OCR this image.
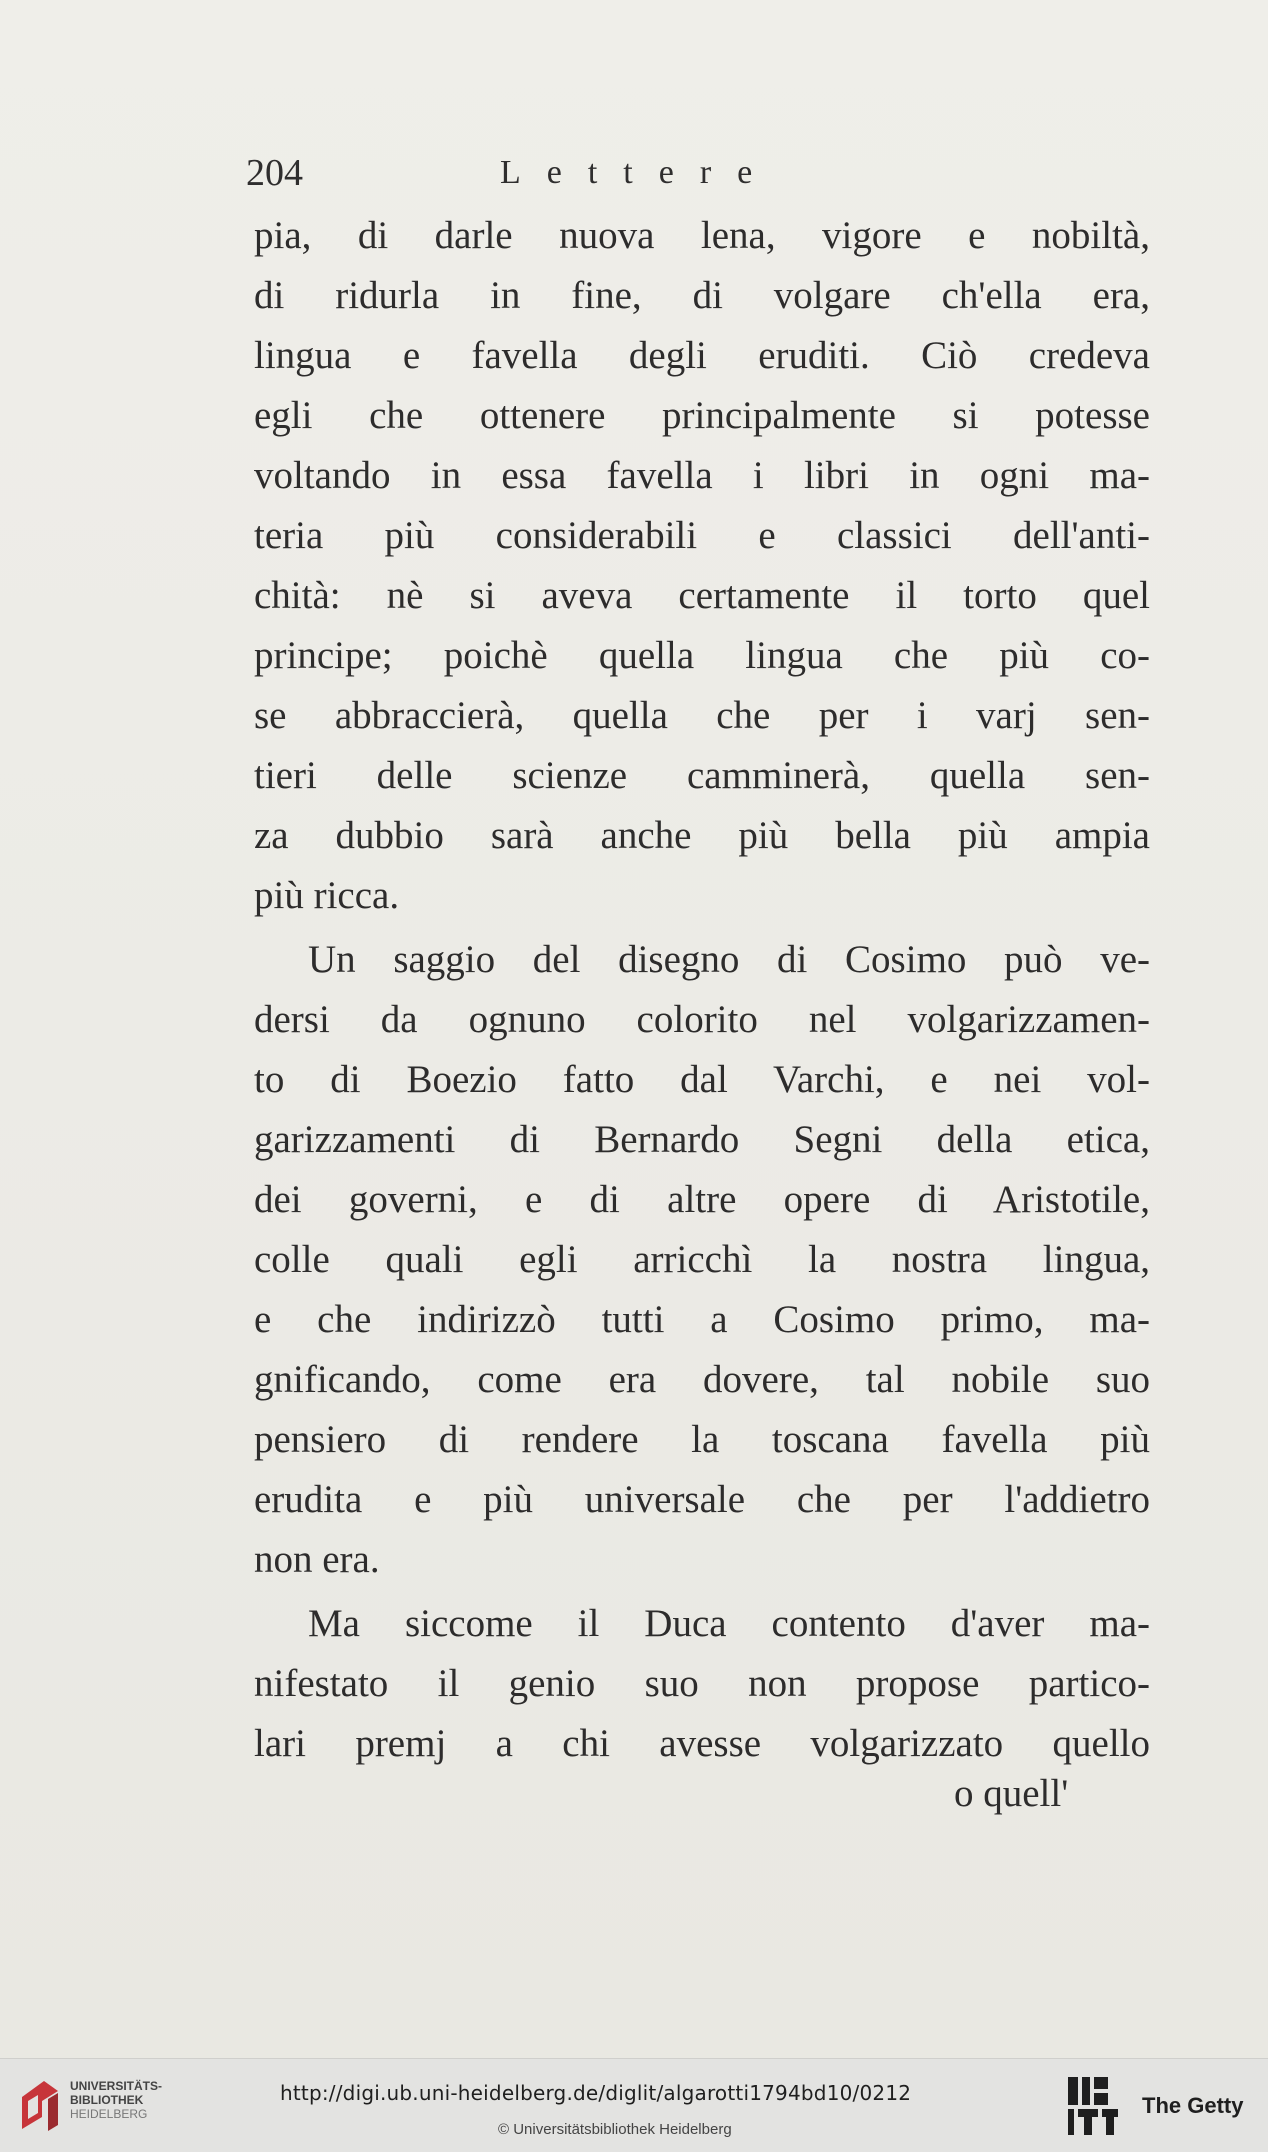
204	Lettere
pia, di darle nuova lena, vigore e nobiltà,
di ridurla in fine, di volgare ch'ella era,
lingua e favella degli eruditi. Ciò credeva
egli che ottenere principalmente si potesse
voltando in essa favella i libri in ogni ma-
teria più considerabili e classici dell'anti-
chità: nè si aveva certamente il torto quel
principe; poichè quella lingua che più co-
se abbraccierà, quella che per i varj sen-
tieri delle scienze camminerà, quella sen-
za dubbio sarà anche più bella più ampia
più ricca.
Un saggio del disegno di Cosimo può ve-
dersi da ognuno colorito nel volgarizzamen-
to di Boezio fatto dal Varchi, e nei vol-
garizzamenti di Bernardo Segni della etica,
dei governi, e di altre opere di Aristotile,
colle quali egli arricchì la nostra lingua,
e che indirizzò tutti a Cosimo primo, ma-
gnificando, come era dovere, tal nobile suo
pensiero di rendere la toscana favella più
erudita e più universale che per l'addietro
non era.
Ma siccome il Duca contento d'aver ma-
nifestato il genio suo non propose partico-
lari premj a chi avesse volgarizzato quello
o quell'
UNIVERSITÄTS-
BIBLIOTHEK
HEIDELBERG
http://digi.ub.uni-heidelberg.de/diglit/algarotti1794bd10/0212
© Universitätsbibliothek Heidelberg
The Getty
